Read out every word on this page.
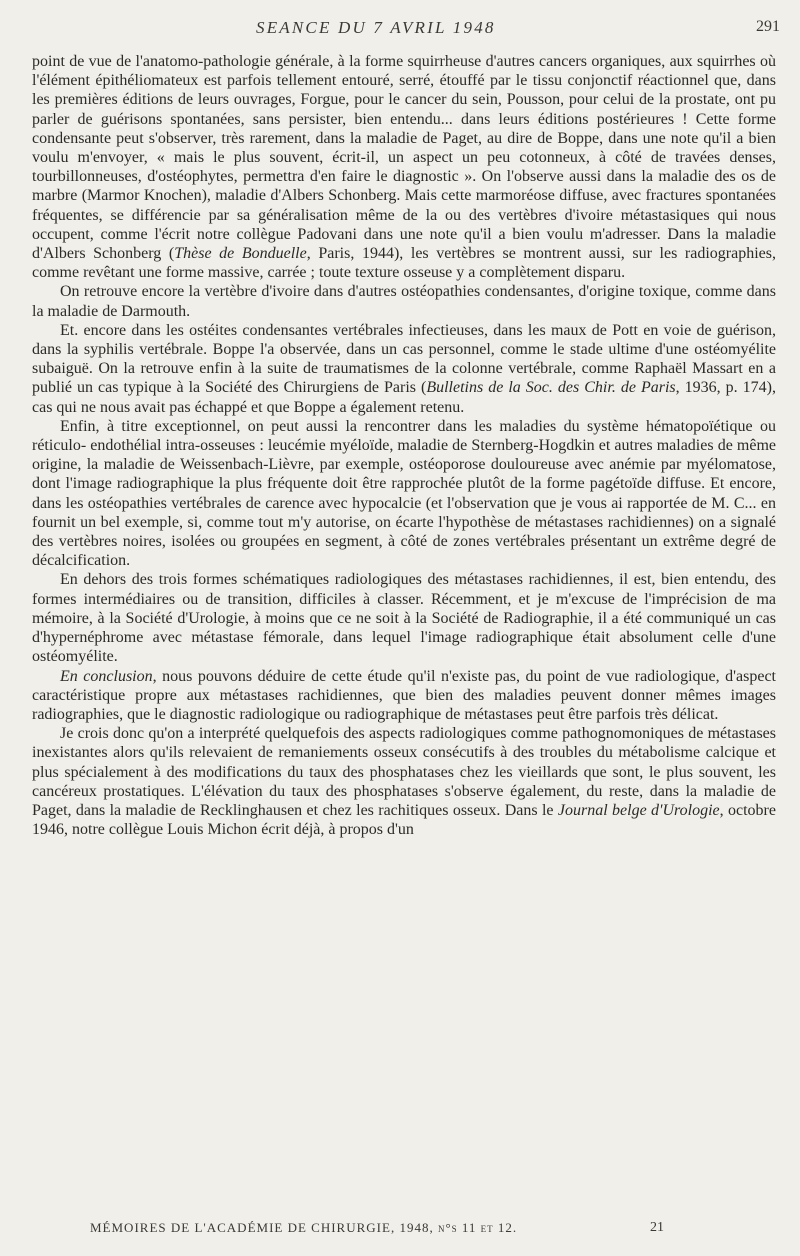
SEANCE DU 7 AVRIL 1948	291

point de vue de l'anatomo-pathologie générale, à la forme squirrheuse d'autres cancers organiques, aux squirrhes où l'élément épithéliomateux est parfois tellement entouré, serré, étouffé par le tissu conjonctif réactionnel que, dans les premières éditions de leurs ouvrages, Forgue, pour le cancer du sein, Pousson, pour celui de la prostate, ont pu parler de guérisons spontanées, sans persister, bien entendu... dans leurs éditions postérieures ! Cette forme condensante peut s'observer, très rarement, dans la maladie de Paget, au dire de Boppe, dans une note qu'il a bien voulu m'envoyer, « mais le plus souvent, écrit-il, un aspect un peu cotonneux, à côté de travées denses, tourbillonneuses, d'ostéophytes, permettra d'en faire le diagnostic ». On l'observe aussi dans la maladie des os de marbre (Marmor Knochen), maladie d'Albers Schonberg. Mais cette marmoréose diffuse, avec fractures spontanées fréquentes, se différencie par sa généralisation même de la ou des vertèbres d'ivoire métastasiques qui nous occupent, comme l'écrit notre collègue Padovani dans une note qu'il a bien voulu m'adresser. Dans la maladie d'Albers Schonberg (Thèse de Bonduelle, Paris, 1944), les vertèbres se montrent aussi, sur les radiographies, comme revêtant une forme massive, carrée ; toute texture osseuse y a complètement disparu.

On retrouve encore la vertèbre d'ivoire dans d'autres ostéopathies condensantes, d'origine toxique, comme dans la maladie de Darmouth.

Et. encore dans les ostéites condensantes vertébrales infectieuses, dans les maux de Pott en voie de guérison, dans la syphilis vertébrale. Boppe l'a observée, dans un cas personnel, comme le stade ultime d'une ostéomyélite subaiguë. On la retrouve enfin à la suite de traumatismes de la colonne vertébrale, comme Raphaël Massart en a publié un cas typique à la Société des Chirurgiens de Paris (Bulletins de la Soc. des Chir. de Paris, 1936, p. 174), cas qui ne nous avait pas échappé et que Boppe a également retenu.

Enfin, à titre exceptionnel, on peut aussi la rencontrer dans les maladies du système hématopoïétique ou réticulo- endothélial intra-osseuses : leucémie myéloïde, maladie de Sternberg-Hogdkin et autres maladies de même origine, la maladie de Weissenbach-Lièvre, par exemple, ostéoporose douloureuse avec anémie par myélomatose, dont l'image radiographique la plus fréquente doit être rapprochée plutôt de la forme pagétoïde diffuse. Et encore, dans les ostéopathies vertébrales de carence avec hypocalcie (et l'observation que je vous ai rapportée de M. C... en fournit un bel exemple, si, comme tout m'y autorise, on écarte l'hypothèse de métastases rachidiennes) on a signalé des vertèbres noires, isolées ou groupées en segment, à côté de zones vertébrales présentant un extrême degré de décalcification.

En dehors des trois formes schématiques radiologiques des métastases rachidiennes, il est, bien entendu, des formes intermédiaires ou de transition, difficiles à classer. Récemment, et je m'excuse de l'imprécision de ma mémoire, à la Société d'Urologie, à moins que ce ne soit à la Société de Radiographie, il a été communiqué un cas d'hypernéphrome avec métastase fémorale, dans lequel l'image radiographique était absolument celle d'une ostéomyélite.

En conclusion, nous pouvons déduire de cette étude qu'il n'existe pas, du point de vue radiologique, d'aspect caractéristique propre aux métastases rachidiennes, que bien des maladies peuvent donner mêmes images radiographies, que le diagnostic radiologique ou radiographique de métastases peut être parfois très délicat.

Je crois donc qu'on a interprété quelquefois des aspects radiologiques comme pathognomoniques de métastases inexistantes alors qu'ils relevaient de remaniements osseux consécutifs à des troubles du métabolisme calcique et plus spécialement à des modifications du taux des phosphatases chez les vieillards que sont, le plus souvent, les cancéreux prostatiques. L'élévation du taux des phosphatases s'observe également, du reste, dans la maladie de Paget, dans la maladie de Recklinghausen et chez les rachitiques osseux. Dans le Journal belge d'Urologie, octobre 1946, notre collègue Louis Michon écrit déjà, à propos d'un

MÉMOIRES DE L'ACADÉMIE DE CHIRURGIE, 1948, n°s 11 et 12.	21
